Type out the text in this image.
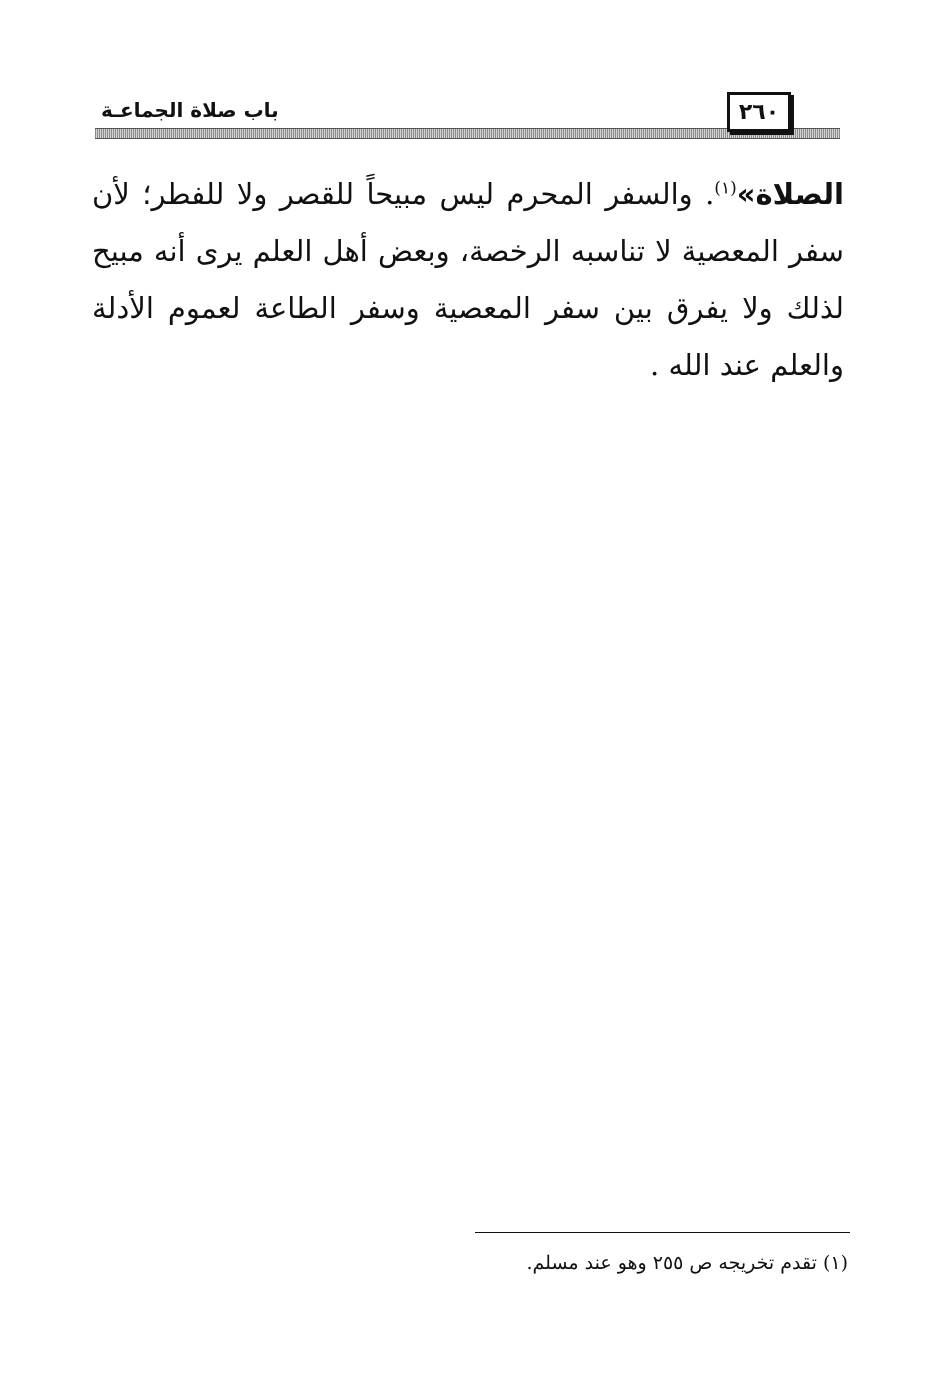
باب صلاة الجماعـة	٢٦٠
الصلاة»$^{(١)}$. والسفر المحرم ليس مبيحاً للقصر ولا للفطر؛ لأن سفر المعصية لا تناسبه الرخصة، وبعض أهل العلم يرى أنه مبيح لذلك ولا يفرق بين سفر المعصية وسفر الطاعة لعموم الأدلة والعلم عند الله .
(١) تقدم تخريجه ص ٢٥٥ وهو عند مسلم.
